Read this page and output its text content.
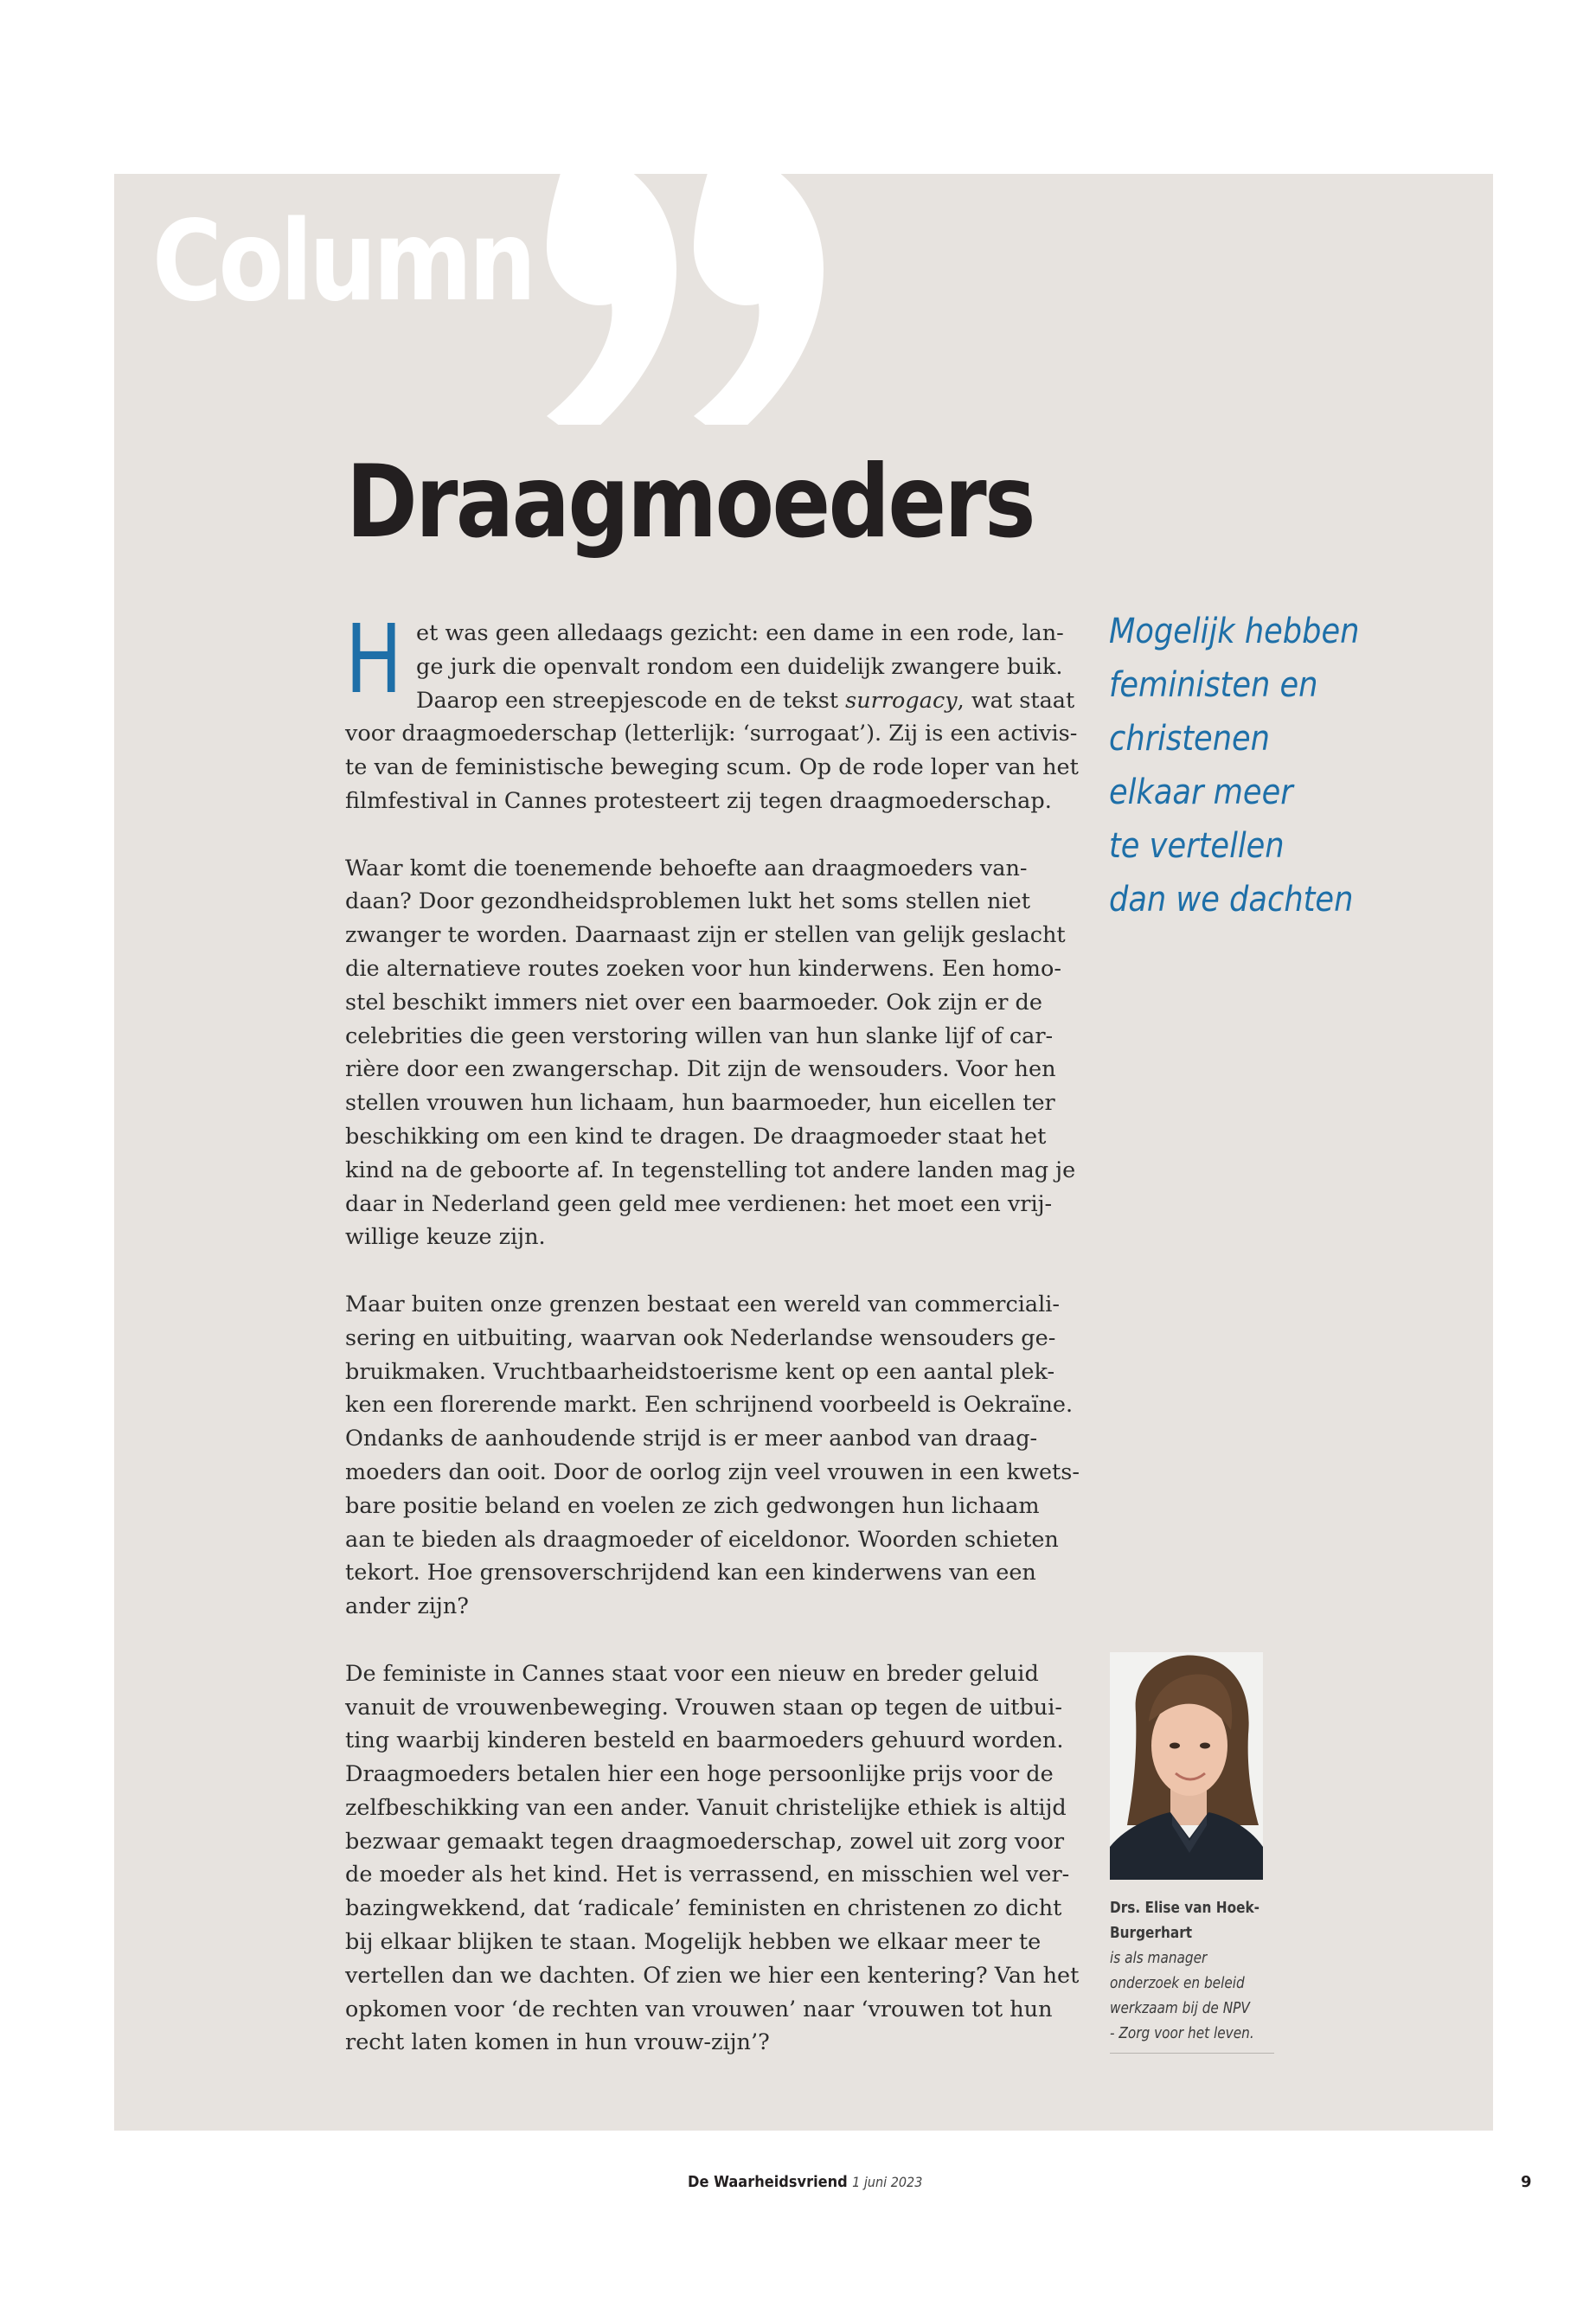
Column
Draagmoeders

H et was geen alledaags gezicht: een dame in een rode, lan-
ge jurk die openvalt rondom een duidelijk zwangere buik.
Daarop een streepjescode en de tekst surrogacy, wat staat
voor draagmoederschap (letterlijk: ‘surrogaat’). Zij is een activis-
te van de feministische beweging scum. Op de rode loper van het
filmfestival in Cannes protesteert zij tegen draagmoederschap.

Waar komt die toenemende behoefte aan draagmoeders van-
daan? Door gezondheidsproblemen lukt het soms stellen niet
zwanger te worden. Daarnaast zijn er stellen van gelijk geslacht
die alternatieve routes zoeken voor hun kinderwens. Een homo-
stel beschikt immers niet over een baarmoeder. Ook zijn er de
celebrities die geen verstoring willen van hun slanke lijf of car-
rière door een zwangerschap. Dit zijn de wensouders. Voor hen
stellen vrouwen hun lichaam, hun baarmoeder, hun eicellen ter
beschikking om een kind te dragen. De draagmoeder staat het
kind na de geboorte af. In tegenstelling tot andere landen mag je
daar in Nederland geen geld mee verdienen: het moet een vrij-
willige keuze zijn.

Maar buiten onze grenzen bestaat een wereld van commerciali-
sering en uitbuiting, waarvan ook Nederlandse wensouders ge-
bruikmaken. Vruchtbaarheidstoerisme kent op een aantal plek-
ken een florerende markt. Een schrijnend voorbeeld is Oekraïne.
Ondanks de aanhoudende strijd is er meer aanbod van draag-
moeders dan ooit. Door de oorlog zijn veel vrouwen in een kwets-
bare positie beland en voelen ze zich gedwongen hun lichaam
aan te bieden als draagmoeder of eiceldonor. Woorden schieten
tekort. Hoe grensoverschrijdend kan een kinderwens van een
ander zijn?

De feministe in Cannes staat voor een nieuw en breder geluid
vanuit de vrouwenbeweging. Vrouwen staan op tegen de uitbui-
ting waarbij kinderen besteld en baarmoeders gehuurd worden.
Draagmoeders betalen hier een hoge persoonlijke prijs voor de
zelfbeschikking van een ander. Vanuit christelijke ethiek is altijd
bezwaar gemaakt tegen draagmoederschap, zowel uit zorg voor
de moeder als het kind. Het is verrassend, en misschien wel ver-
bazingwekkend, dat ‘radicale’ feministen en christenen zo dicht
bij elkaar blijken te staan. Mogelijk hebben we elkaar meer te
vertellen dan we dachten. Of zien we hier een kentering? Van het
opkomen voor ‘de rechten van vrouwen’ naar ‘vrouwen tot hun
recht laten komen in hun vrouw-zijn’?

Mogelijk hebben
feministen en
christenen
elkaar meer
te vertellen
dan we dachten
Drs. Elise van Hoek-
Burgerhart
is als manager
onderzoek en beleid
werkzaam bij de NPV
- Zorg voor het leven.
De Waarheidsvriend 1 juni 2023	9
